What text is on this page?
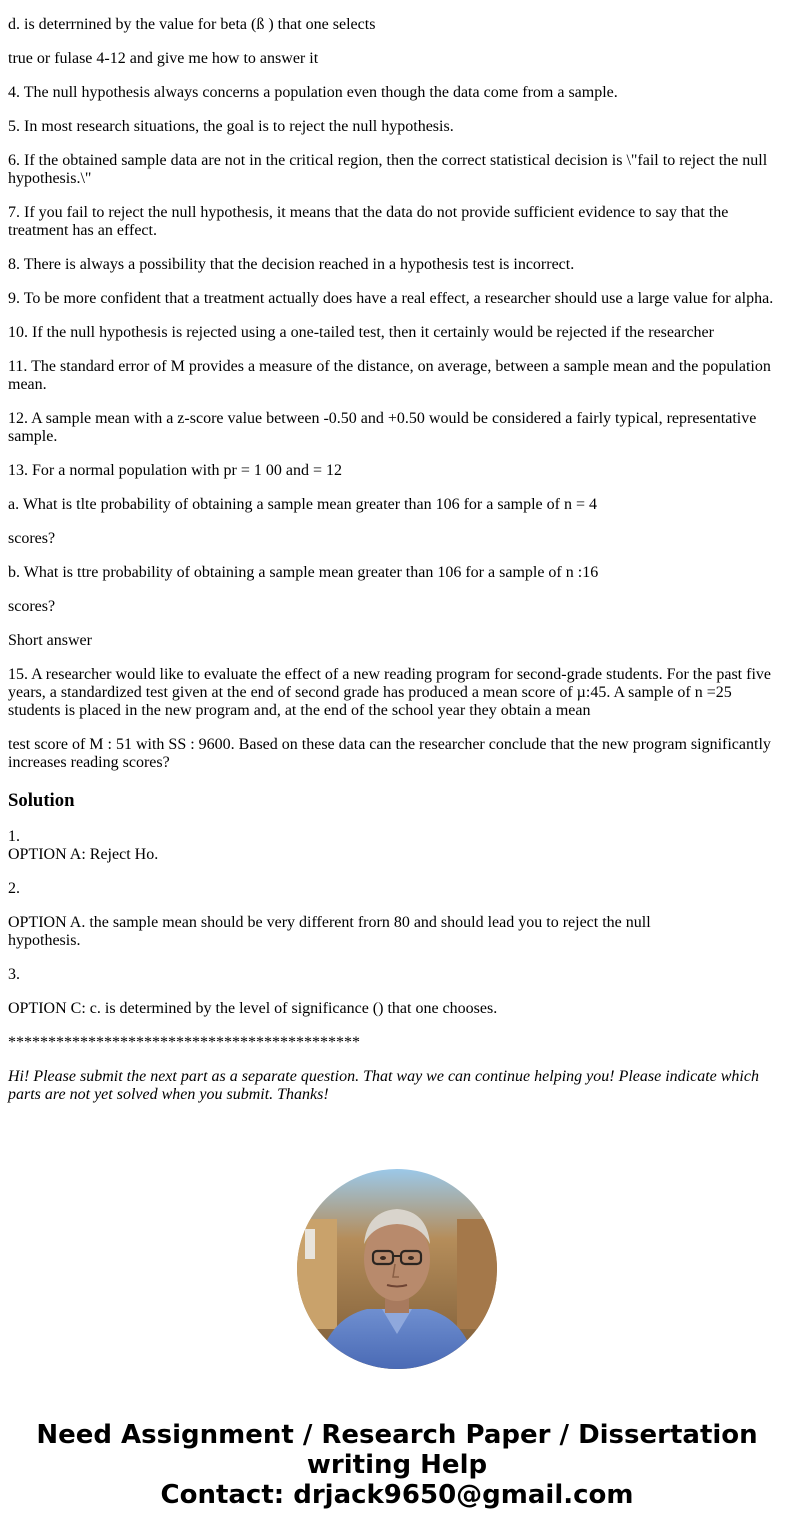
d. is deterrnined by the value for beta (ß ) that one selects
true or fulase 4-12 and give me how to answer it
4. The null hypothesis always concerns a population even though the data come from a sample.
5. In most research situations, the goal is to reject the null hypothesis.
6. If the obtained sample data are not in the critical region, then the correct statistical decision is \"fail to reject the null hypothesis.\"
7. If you fail to reject the null hypothesis, it means that the data do not provide sufficient evidence to say that the treatment has an effect.
8. There is always a possibility that the decision reached in a hypothesis test is incorrect.
9. To be more confident that a treatment actually does have a real effect, a researcher should use a large value for alpha.
10. If the null hypothesis is rejected using a one-tailed test, then it certainly would be rejected if the researcher
11. The standard error of M provides a measure of the distance, on average, between a sample mean and the population mean.
12. A sample mean with a z-score value between -0.50 and +0.50 would be considered a fairly typical, representative sample.
13. For a normal population with pr = 1 00 and = 12
a. What is tlte probability of obtaining a sample mean greater than 106 for a sample of n = 4
scores?
b. What is ttre probability of obtaining a sample mean greater than 106 for a sample of n :16
scores?
Short answer
15. A researcher would like to evaluate the effect of a new reading program for second-grade students. For the past five years, a standardized test given at the end of second grade has produced a mean score of µ:45. A sample of n =25 students is placed in the new program and, at the end of the school year they obtain a mean
test score of M : 51 with SS : 9600. Based on these data can the researcher conclude that the new program significantly increases reading scores?
Solution
1.
OPTION A: Reject Ho.
2.
OPTION A. the sample mean should be very different frorn 80 and should lead you to reject the null
hypothesis.
3.
OPTION C: c. is determined by the level of significance () that one chooses.
********************************************
Hi! Please submit the next part as a separate question. That way we can continue helping you! Please indicate which parts are not yet solved when you submit. Thanks!
Need Assignment / Research Paper / Dissertation
writing Help
Contact: drjack9650@gmail.com
